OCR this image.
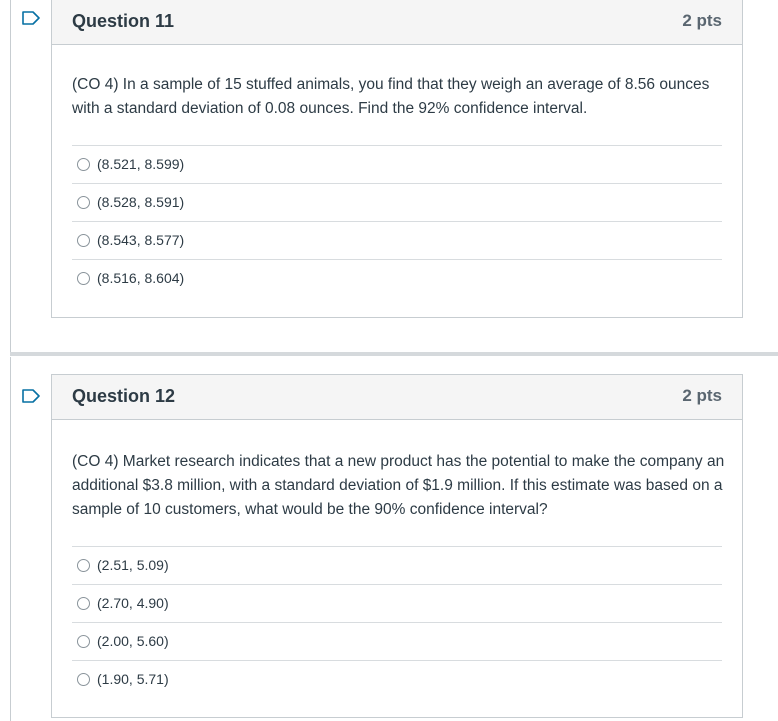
Question 11	2 pts
(CO 4) In a sample of 15 stuffed animals, you find that they weigh an average of 8.56 ounces with a standard deviation of 0.08 ounces. Find the 92% confidence interval.
(8.521, 8.599)
(8.528, 8.591)
(8.543, 8.577)
(8.516, 8.604)
Question 12	2 pts
(CO 4) Market research indicates that a new product has the potential to make the company an additional $3.8 million, with a standard deviation of $1.9 million. If this estimate was based on a sample of 10 customers, what would be the 90% confidence interval?
(2.51, 5.09)
(2.70, 4.90)
(2.00, 5.60)
(1.90, 5.71)
